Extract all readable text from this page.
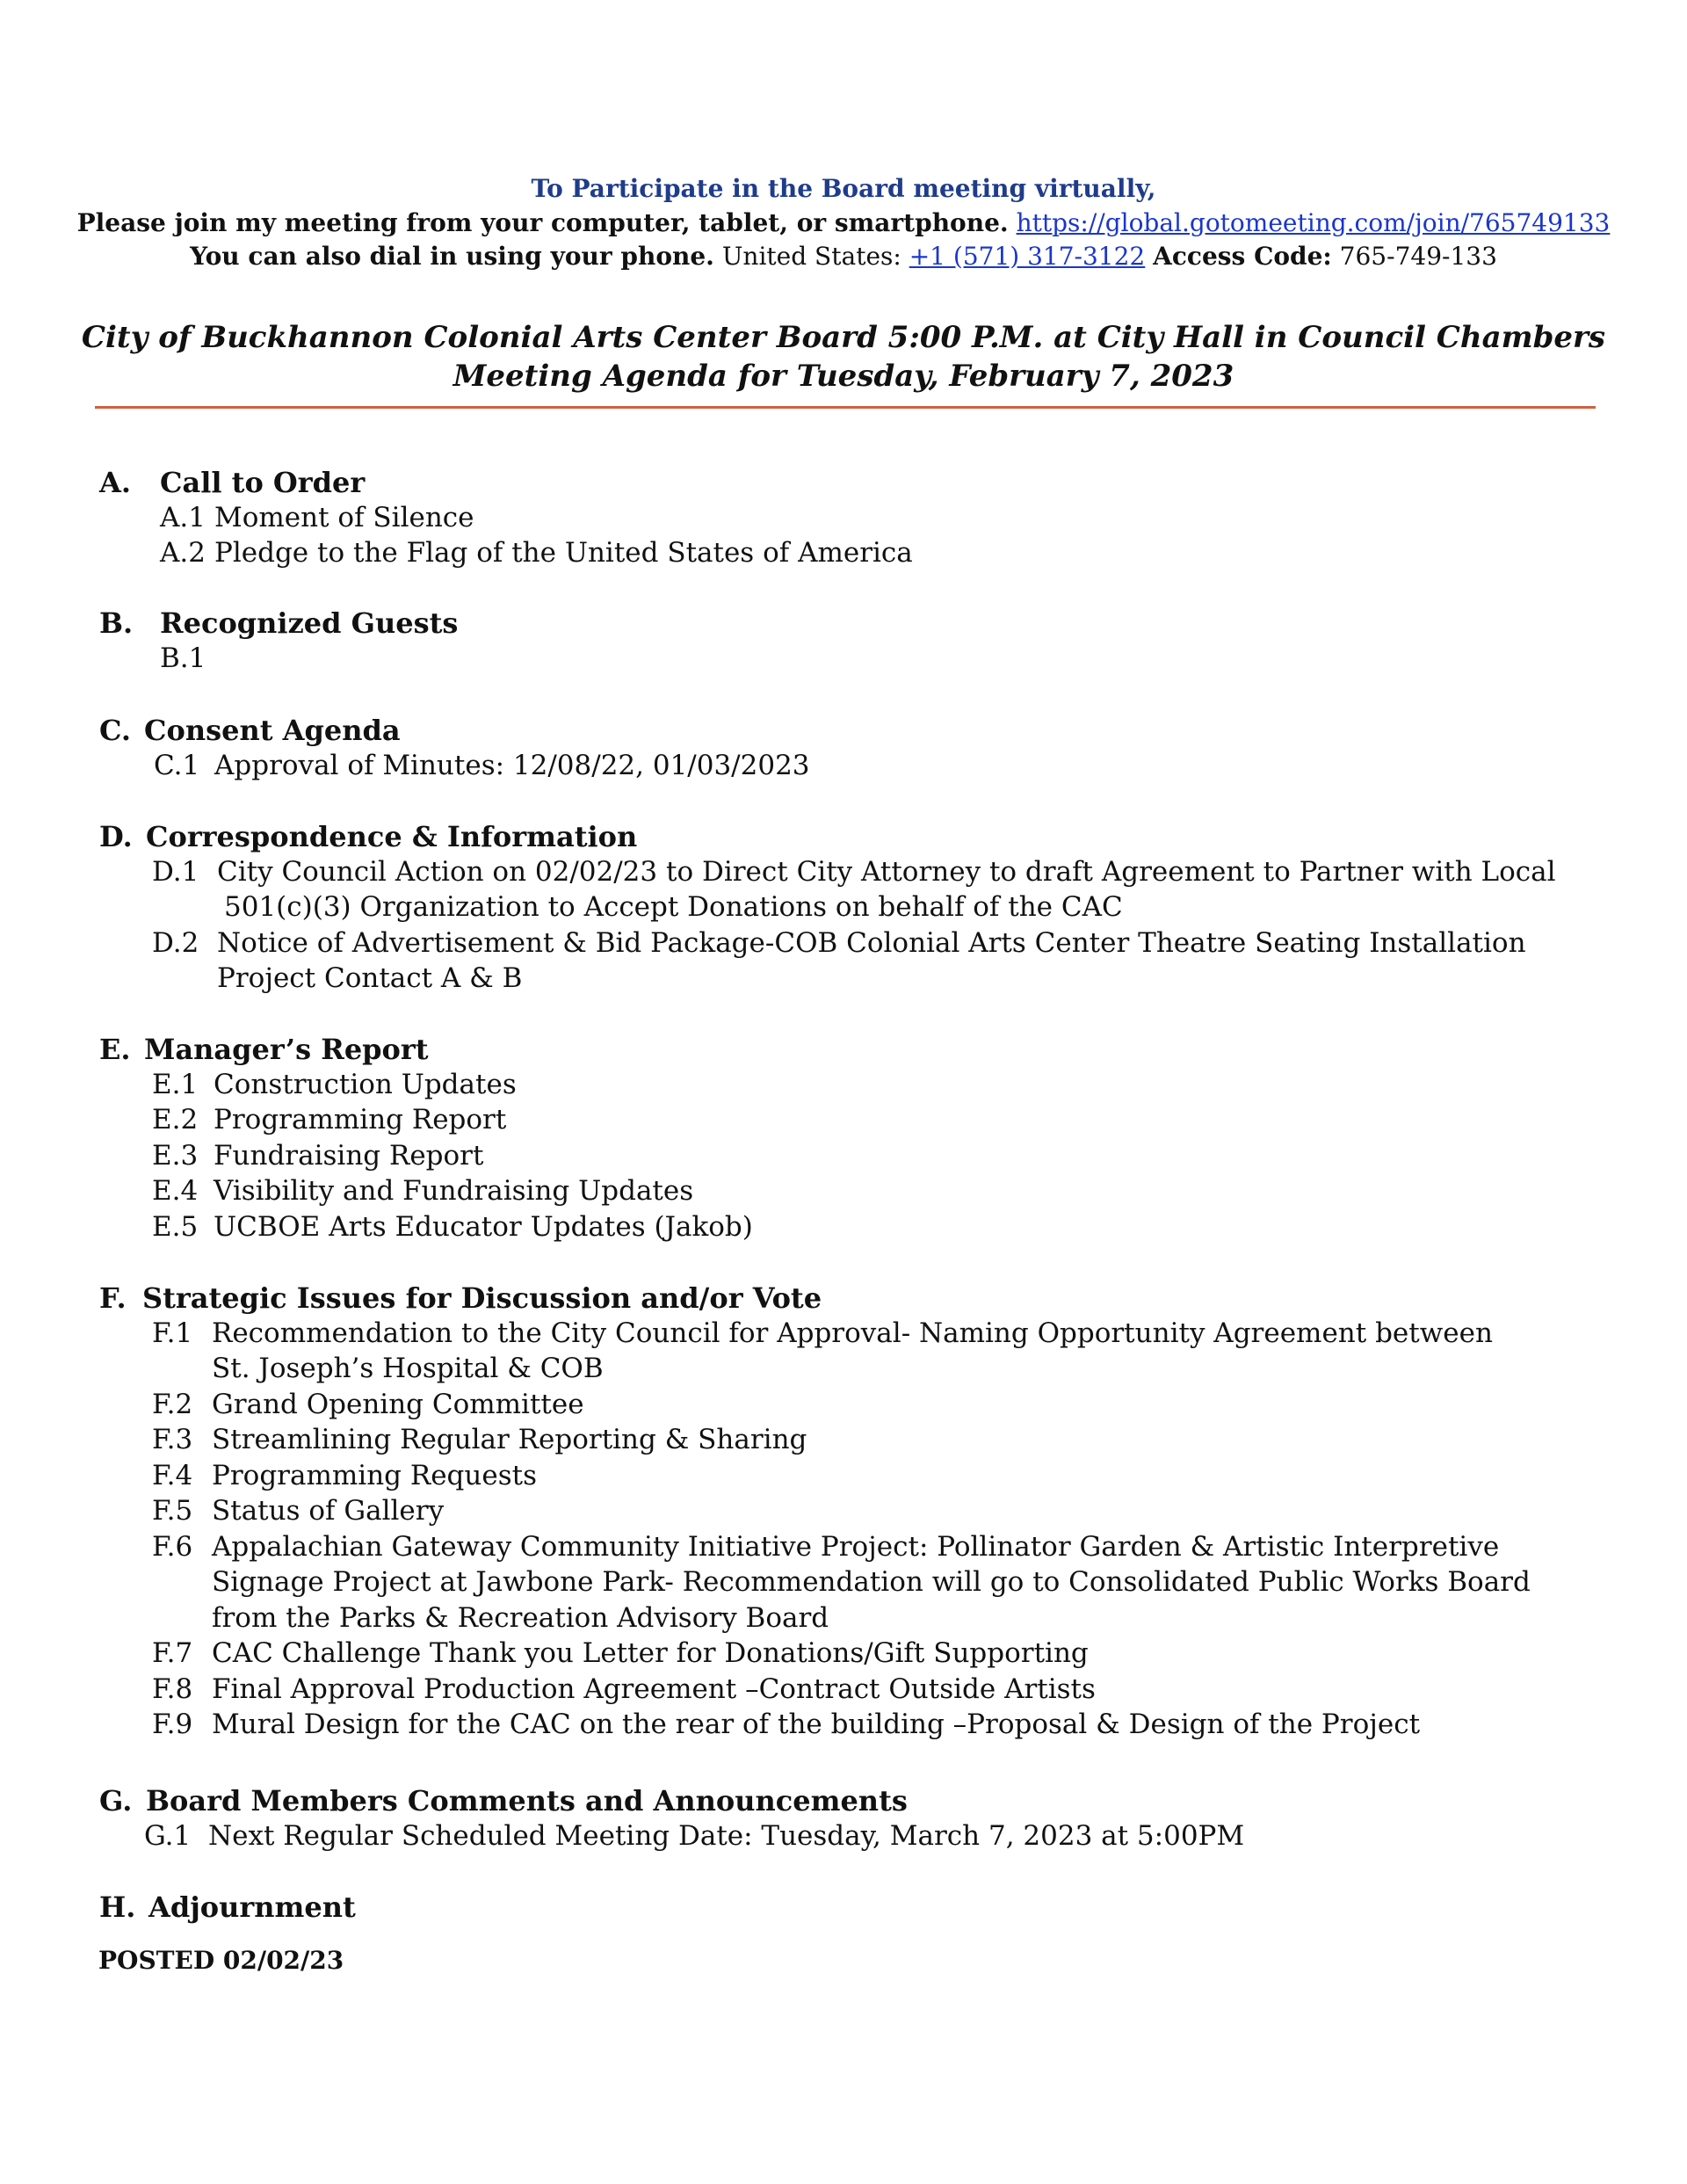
To Participate in the Board meeting virtually,
Please join my meeting from your computer, tablet, or smartphone. https://global.gotomeeting.com/join/765749133
You can also dial in using your phone. United States: +1 (571) 317-3122 Access Code: 765-749-133
City of Buckhannon Colonial Arts Center Board 5:00 P.M. at City Hall in Council Chambers
Meeting Agenda for Tuesday, February 7, 2023
A. Call to Order
A.1 Moment of Silence
A.2 Pledge to the Flag of the United States of America
B. Recognized Guests
B.1
C. Consent Agenda
C.1 Approval of Minutes: 12/08/22, 01/03/2023
D. Correspondence & Information
D.1 City Council Action on 02/02/23 to Direct City Attorney to draft Agreement to Partner with Local
501(c)(3) Organization to Accept Donations on behalf of the CAC
D.2 Notice of Advertisement & Bid Package-COB Colonial Arts Center Theatre Seating Installation
Project Contact A & B
E. Manager’s Report
E.1 Construction Updates
E.2 Programming Report
E.3 Fundraising Report
E.4 Visibility and Fundraising Updates
E.5 UCBOE Arts Educator Updates (Jakob)
F. Strategic Issues for Discussion and/or Vote
F.1 Recommendation to the City Council for Approval- Naming Opportunity Agreement between
St. Joseph’s Hospital & COB
F.2 Grand Opening Committee
F.3 Streamlining Regular Reporting & Sharing
F.4 Programming Requests
F.5 Status of Gallery
F.6 Appalachian Gateway Community Initiative Project: Pollinator Garden & Artistic Interpretive
Signage Project at Jawbone Park- Recommendation will go to Consolidated Public Works Board
from the Parks & Recreation Advisory Board
F.7 CAC Challenge Thank you Letter for Donations/Gift Supporting
F.8 Final Approval Production Agreement –Contract Outside Artists
F.9 Mural Design for the CAC on the rear of the building –Proposal & Design of the Project
G. Board Members Comments and Announcements
G.1 Next Regular Scheduled Meeting Date: Tuesday, March 7, 2023 at 5:00PM
H. Adjournment
POSTED 02/02/23
